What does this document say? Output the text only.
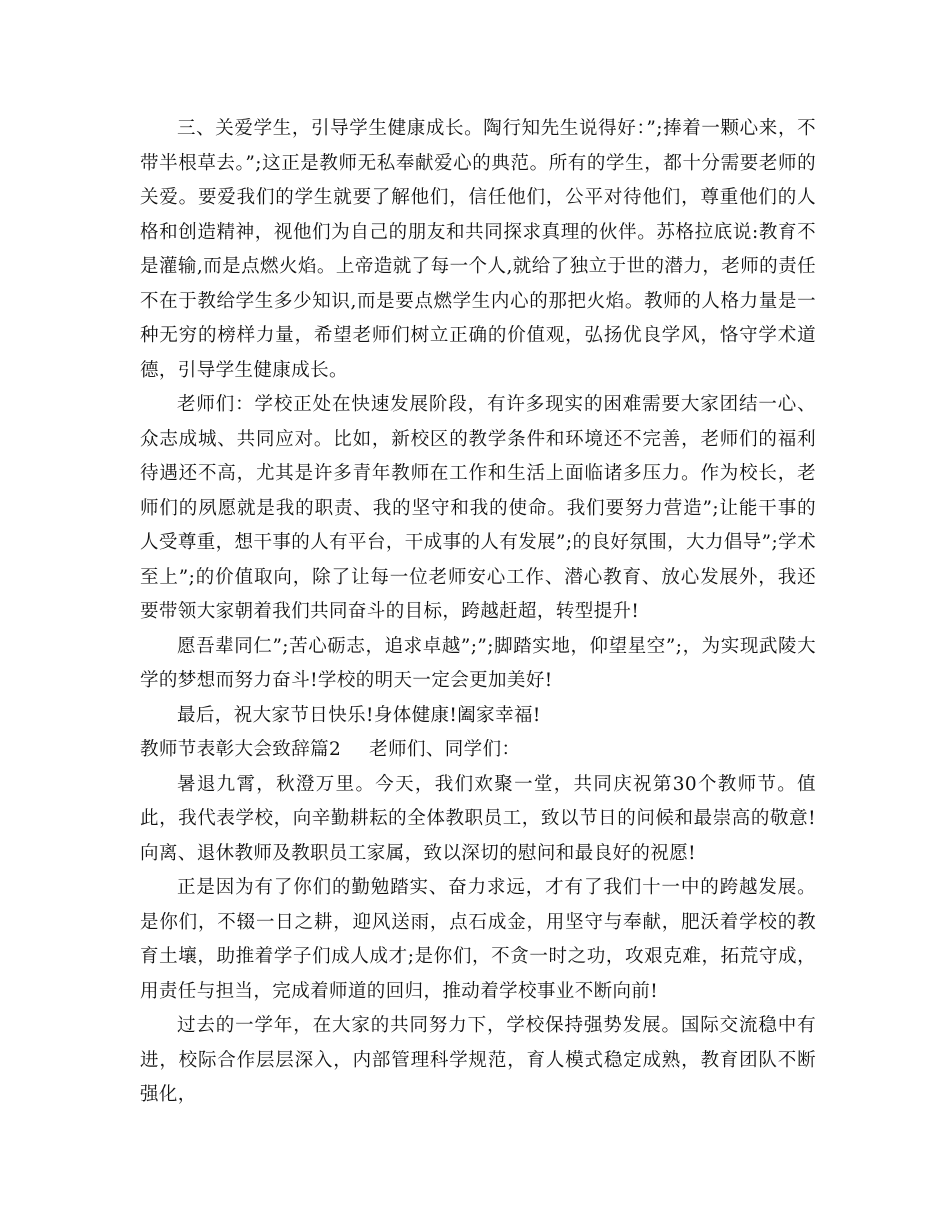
三、关爱学生，引导学生健康成长。陶行知先生说得好：”;捧着一颗心来，不带半根草去。”;这正是教师无私奉献爱心的典范。所有的学生，都十分需要老师的关爱。要爱我们的学生就要了解他们，信任他们，公平对待他们，尊重他们的人格和创造精神，视他们为自己的朋友和共同探求真理的伙伴。苏格拉底说:教育不是灌输,而是点燃火焰。上帝造就了每一个人,就给了独立于世的潜力，老师的责任不在于教给学生多少知识,而是要点燃学生内心的那把火焰。教师的人格力量是一种无穷的榜样力量，希望老师们树立正确的价值观，弘扬优良学风，恪守学术道德，引导学生健康成长。

老师们：学校正处在快速发展阶段，有许多现实的困难需要大家团结一心、众志成城、共同应对。比如，新校区的教学条件和环境还不完善，老师们的福利待遇还不高，尤其是许多青年教师在工作和生活上面临诸多压力。作为校长，老师们的夙愿就是我的职责、我的坚守和我的使命。我们要努力营造”;让能干事的人受尊重，想干事的人有平台，干成事的人有发展”;的良好氛围，大力倡导”;学术至上”;的价值取向，除了让每一位老师安心工作、潜心教育、放心发展外，我还要带领大家朝着我们共同奋斗的目标，跨越赶超，转型提升!

愿吾辈同仁”;苦心砺志，追求卓越”;”;脚踏实地，仰望星空”;，为实现武陵大学的梦想而努力奋斗!学校的明天一定会更加美好!

最后，祝大家节日快乐!身体健康!阖家幸福!

教师节表彰大会致辞篇2 老师们、同学们：

暑退九霄，秋澄万里。今天，我们欢聚一堂，共同庆祝第30个教师节。值此，我代表学校，向辛勤耕耘的全体教职员工，致以节日的问候和最崇高的敬意!向离、退休教师及教职员工家属，致以深切的慰问和最良好的祝愿!

正是因为有了你们的勤勉踏实、奋力求远，才有了我们十一中的跨越发展。是你们，不辍一日之耕，迎风送雨，点石成金，用坚守与奉献，肥沃着学校的教育土壤，助推着学子们成人成才;是你们，不贪一时之功，攻艰克难，拓荒守成，用责任与担当，完成着师道的回归，推动着学校事业不断向前!

过去的一学年，在大家的共同努力下，学校保持强势发展。国际交流稳中有进，校际合作层层深入，内部管理科学规范，育人模式稳定成熟，教育团队不断强化，
